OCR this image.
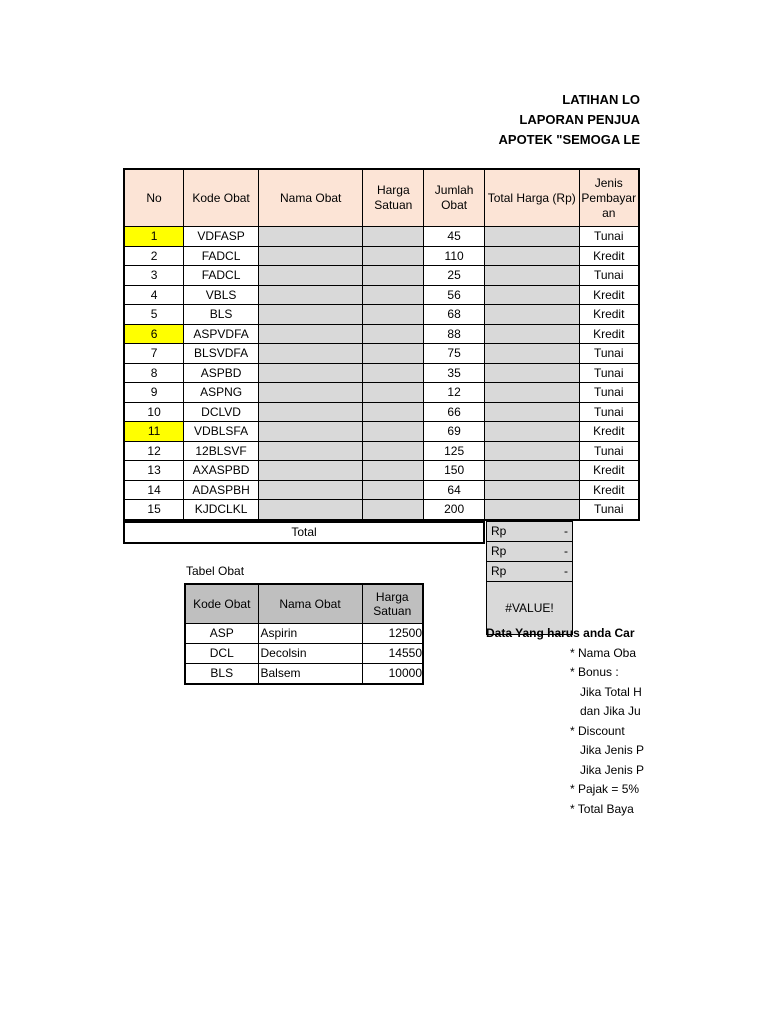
LATIHAN LO
LAPORAN PENJUA
APOTEK "SEMOGA LE
No	Kode Obat	Nama Obat	Harga Satuan	Jumlah Obat	Total Harga (Rp)	Jenis Pembayar an
1	VDFASP			45		Tunai
2	FADCL			110		Kredit
3	FADCL			25		Tunai
4	VBLS			56		Kredit
5	BLS			68		Kredit
6	ASPVDFA			88		Kredit
7	BLSVDFA			75		Tunai
8	ASPBD			35		Tunai
9	ASPNG			12		Tunai
10	DCLVD			66		Tunai
11	VDBLSFA			69		Kredit
12	12BLSVF			125		Tunai
13	AXASPBD			150		Kredit
14	ADASPBH			64		Kredit
15	KJDCLKL			200		Tunai
Total	Rp	-

Rp	-

Rp	-

#VALUE!
Tabel Obat
Kode Obat	Nama Obat	Harga Satuan
ASP	Aspirin	12500
DCL	Decolsin	14550
BLS	Balsem	10000
Data Yang harus anda Car
* Nama Oba
* Bonus :
Jika Total H
dan Jika Ju
* Discount
Jika Jenis P
Jika Jenis P
* Pajak = 5%
* Total Baya
